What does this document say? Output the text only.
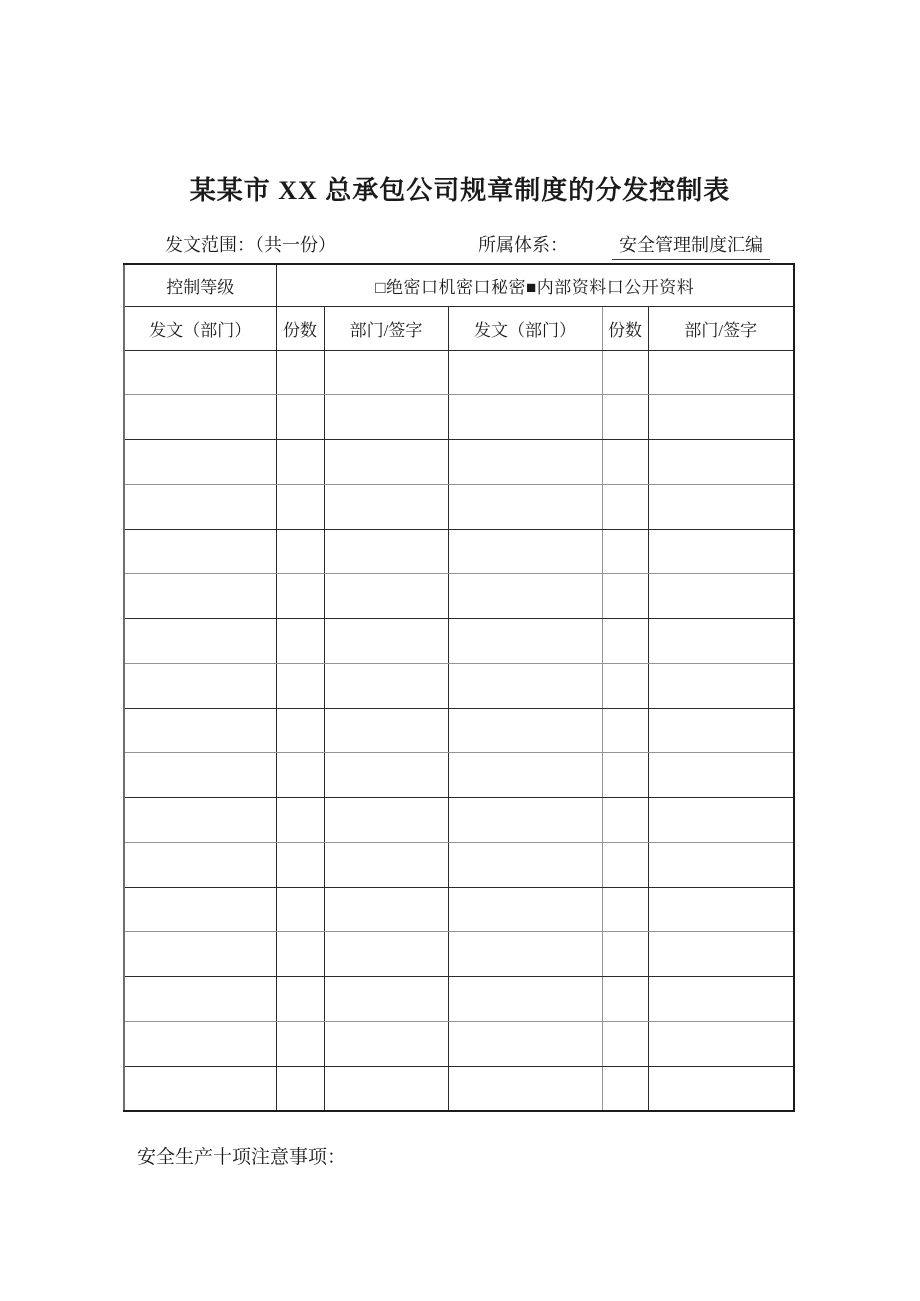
某某市 XX 总承包公司规章制度的分发控制表
发文范围：（共一份）	所属体系：	安全管理制度汇编
控制等级	□绝密口机密口秘密■内部资料口公开资料				
发文（部门）	份数	部门/签字	发文（部门）	份数	部门/签字

安全生产十项注意事项：
